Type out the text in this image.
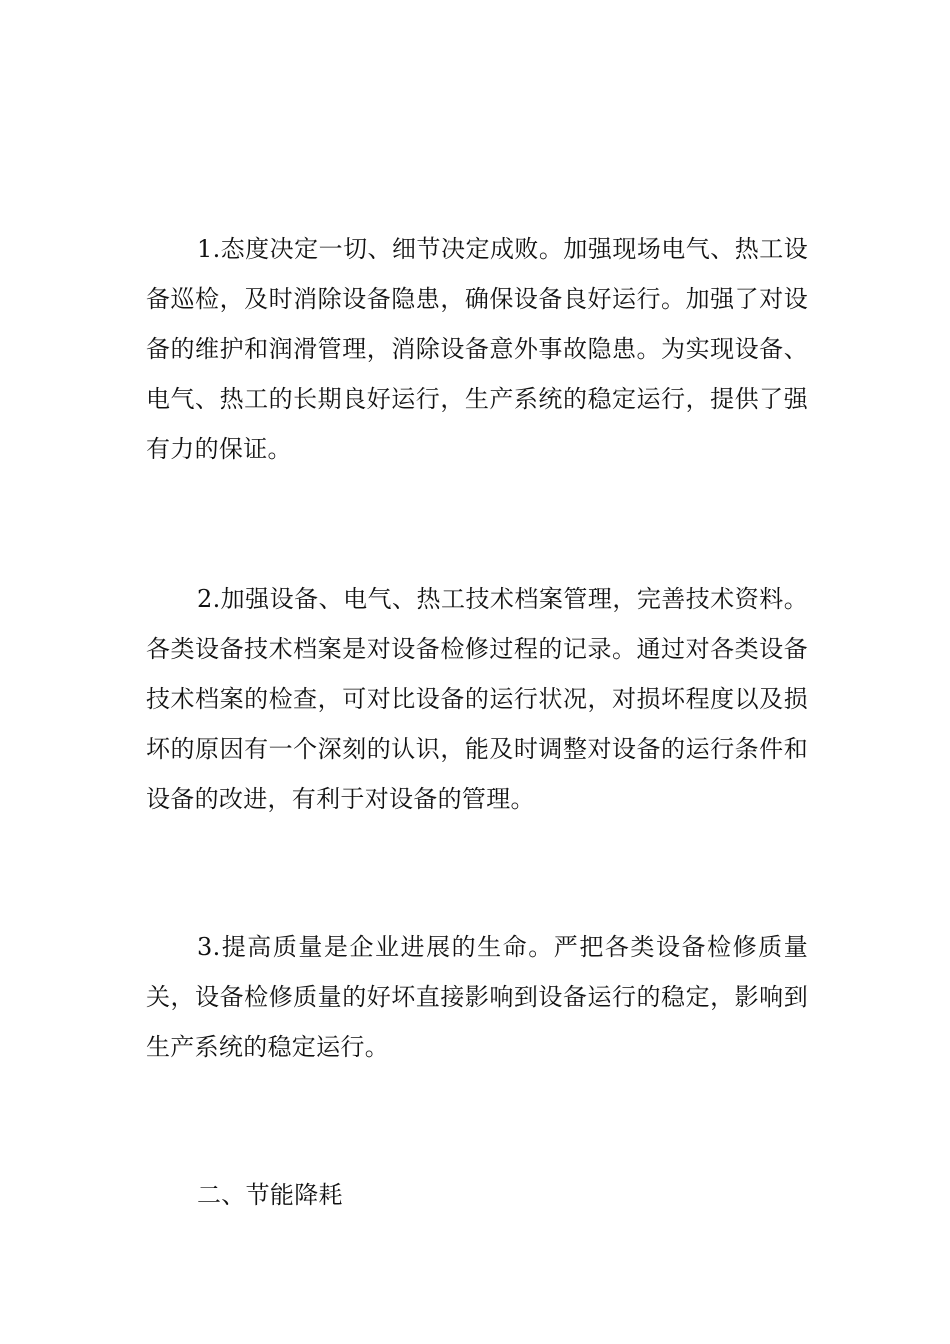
1.态度决定一切、细节决定成败。加强现场电气、热工设备巡检，及时消除设备隐患，确保设备良好运行。加强了对设备的维护和润滑管理，消除设备意外事故隐患。为实现设备、电气、热工的长期良好运行，生产系统的稳定运行，提供了强有力的保证。

2.加强设备、电气、热工技术档案管理，完善技术资料。各类设备技术档案是对设备检修过程的记录。通过对各类设备技术档案的检查，可对比设备的运行状况，对损坏程度以及损坏的原因有一个深刻的认识，能及时调整对设备的运行条件和设备的改进，有利于对设备的管理。

3.提高质量是企业进展的生命。严把各类设备检修质量关，设备检修质量的好坏直接影响到设备运行的稳定，影响到生产系统的稳定运行。

二、节能降耗
